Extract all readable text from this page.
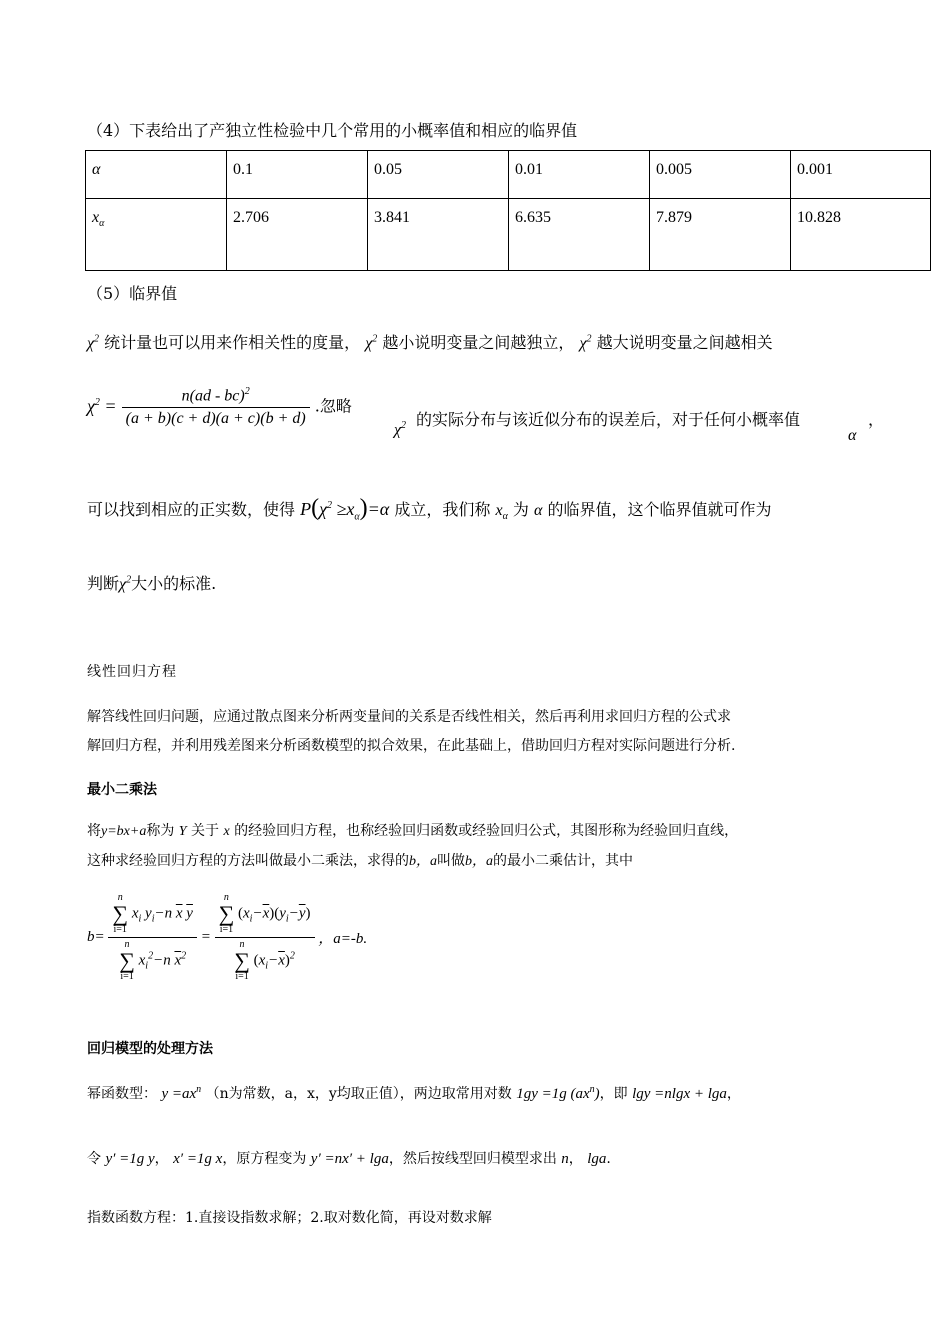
（4）下表给出了产独立性检验中几个常用的小概率值和相应的临界值
α	0.1	0.05	0.01	0.005	0.001
$x_\alpha$	2.706	3.841	6.635	7.879	10.828
（5）临界值
$\chi^2$ 统计量也可以用来作相关性的度量， $\chi^2$ 越小说明变量之间越独立， $\chi^2$ 越大说明变量之间越相关
$\chi^2 = \frac{n(ad - bc)^2}{(a + b)(c + d)(a + c)(b + d)}$ .忽略
$\chi^2$ 的实际分布与该近似分布的误差后，对于任何小概率值	，
α
可以找到相应的正实数，使得 $P(\chi^2 \ge x_\alpha)=\alpha$ 成立，我们称 $x_\alpha$ 为 α 的临界值，这个临界值就可作为
判断$\chi^2$大小的标准.
线性回归方程
解答线性回归问题，应通过散点图来分析两变量间的关系是否线性相关，然后再利用求回归方程的公式求
解回归方程，并利用残差图来分析函数模型的拟合效果，在此基础上，借助回归方程对实际问题进行分析.
最小二乘法
将y=bx+a称为 Y 关于 x 的经验回归方程，也称经验回归函数或经验回归公式，其图形称为经验回归直线，
这种求经验回归方程的方法叫做最小二乘法，求得的b，a叫做b，a的最小二乘估计，其中
b= n
∑
i=1
$x_i$ $y_i-n$ $\overline{x}$ $\overline{y}$
n
∑
i=1
$x_i^2-n$ $\overline{x}^2 = n$
∑
i=1
$(x_i-\overline{x})(y_i-\overline{y})$
n
∑
i=1
$(x_i-\overline{x})^2$ ，a=-b.
回归模型的处理方法
幂函数型： $y =ax^n$ （n为常数，a，x，y均取正值），两边取常用对数 1gy =1g $(ax^n)$，即 lgy =nlgx + lga，
令 y′ =1g y， x′ =1g x，原方程变为 y′ =nx′ + lga，然后按线型回归模型求出 n， lga.
指数函数方程：1.直接设指数求解；2.取对数化简，再设对数求解
